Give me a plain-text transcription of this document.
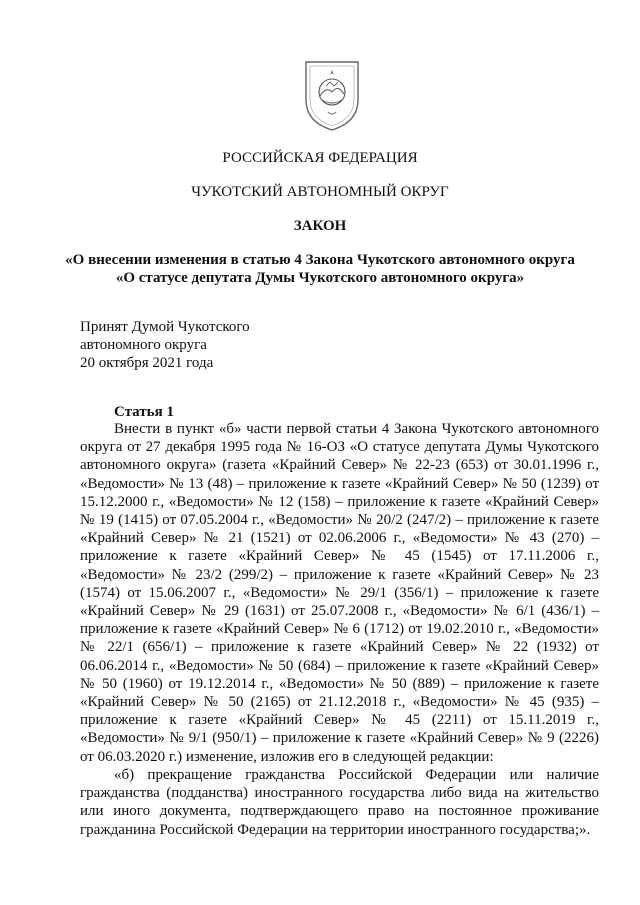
РОССИЙСКАЯ ФЕДЕРАЦИЯ
ЧУКОТСКИЙ АВТОНОМНЫЙ ОКРУГ
ЗАКОН
«О внесении изменения в статью 4 Закона Чукотского автономного округа
«О статусе депутата Думы Чукотского автономного округа»
Принят Думой Чукотского
автономного округа
20 октября 2021 года
Статья 1

Внести в пункт «б» части первой статьи 4 Закона Чукотского автономного округа от 27 декабря 1995 года № 16-ОЗ «О статусе депутата Думы Чукотского автономного округа» (газета «Крайний Север» № 22-23 (653) от 30.01.1996 г., «Ведомости» № 13 (48) – приложение к газете «Крайний Север» № 50 (1239) от 15.12.2000 г., «Ведомости» № 12 (158) – приложение к газете «Крайний Север» № 19 (1415) от 07.05.2004 г., «Ведомости» № 20/2 (247/2) – приложение к газете «Крайний Север» № 21 (1521) от 02.06.2006 г., «Ведомости» № 43 (270) – приложение к газете «Крайний Север» № 45 (1545) от 17.11.2006 г., «Ведомости» № 23/2 (299/2) – приложение к газете «Крайний Север» № 23 (1574) от 15.06.2007 г., «Ведомости» № 29/1 (356/1) – приложение к газете «Крайний Север» № 29 (1631) от 25.07.2008 г., «Ведомости» № 6/1 (436/1) – приложение к газете «Крайний Север» № 6 (1712) от 19.02.2010 г., «Ведомости» № 22/1 (656/1) – приложение к газете «Крайний Север» № 22 (1932) от 06.06.2014 г., «Ведомости» № 50 (684) – приложение к газете «Крайний Север» № 50 (1960) от 19.12.2014 г., «Ведомости» № 50 (889) – приложение к газете «Крайний Север» № 50 (2165) от 21.12.2018 г., «Ведомости» № 45 (935) – приложение к газете «Крайний Север» № 45 (2211) от 15.11.2019 г., «Ведомости» № 9/1 (950/1) – приложение к газете «Крайний Север» № 9 (2226) от 06.03.2020 г.) изменение, изложив его в следующей редакции:

«б) прекращение гражданства Российской Федерации или наличие гражданства (подданства) иностранного государства либо вида на жительство или иного документа, подтверждающего право на постоянное проживание гражданина Российской Федерации на территории иностранного государства;».
